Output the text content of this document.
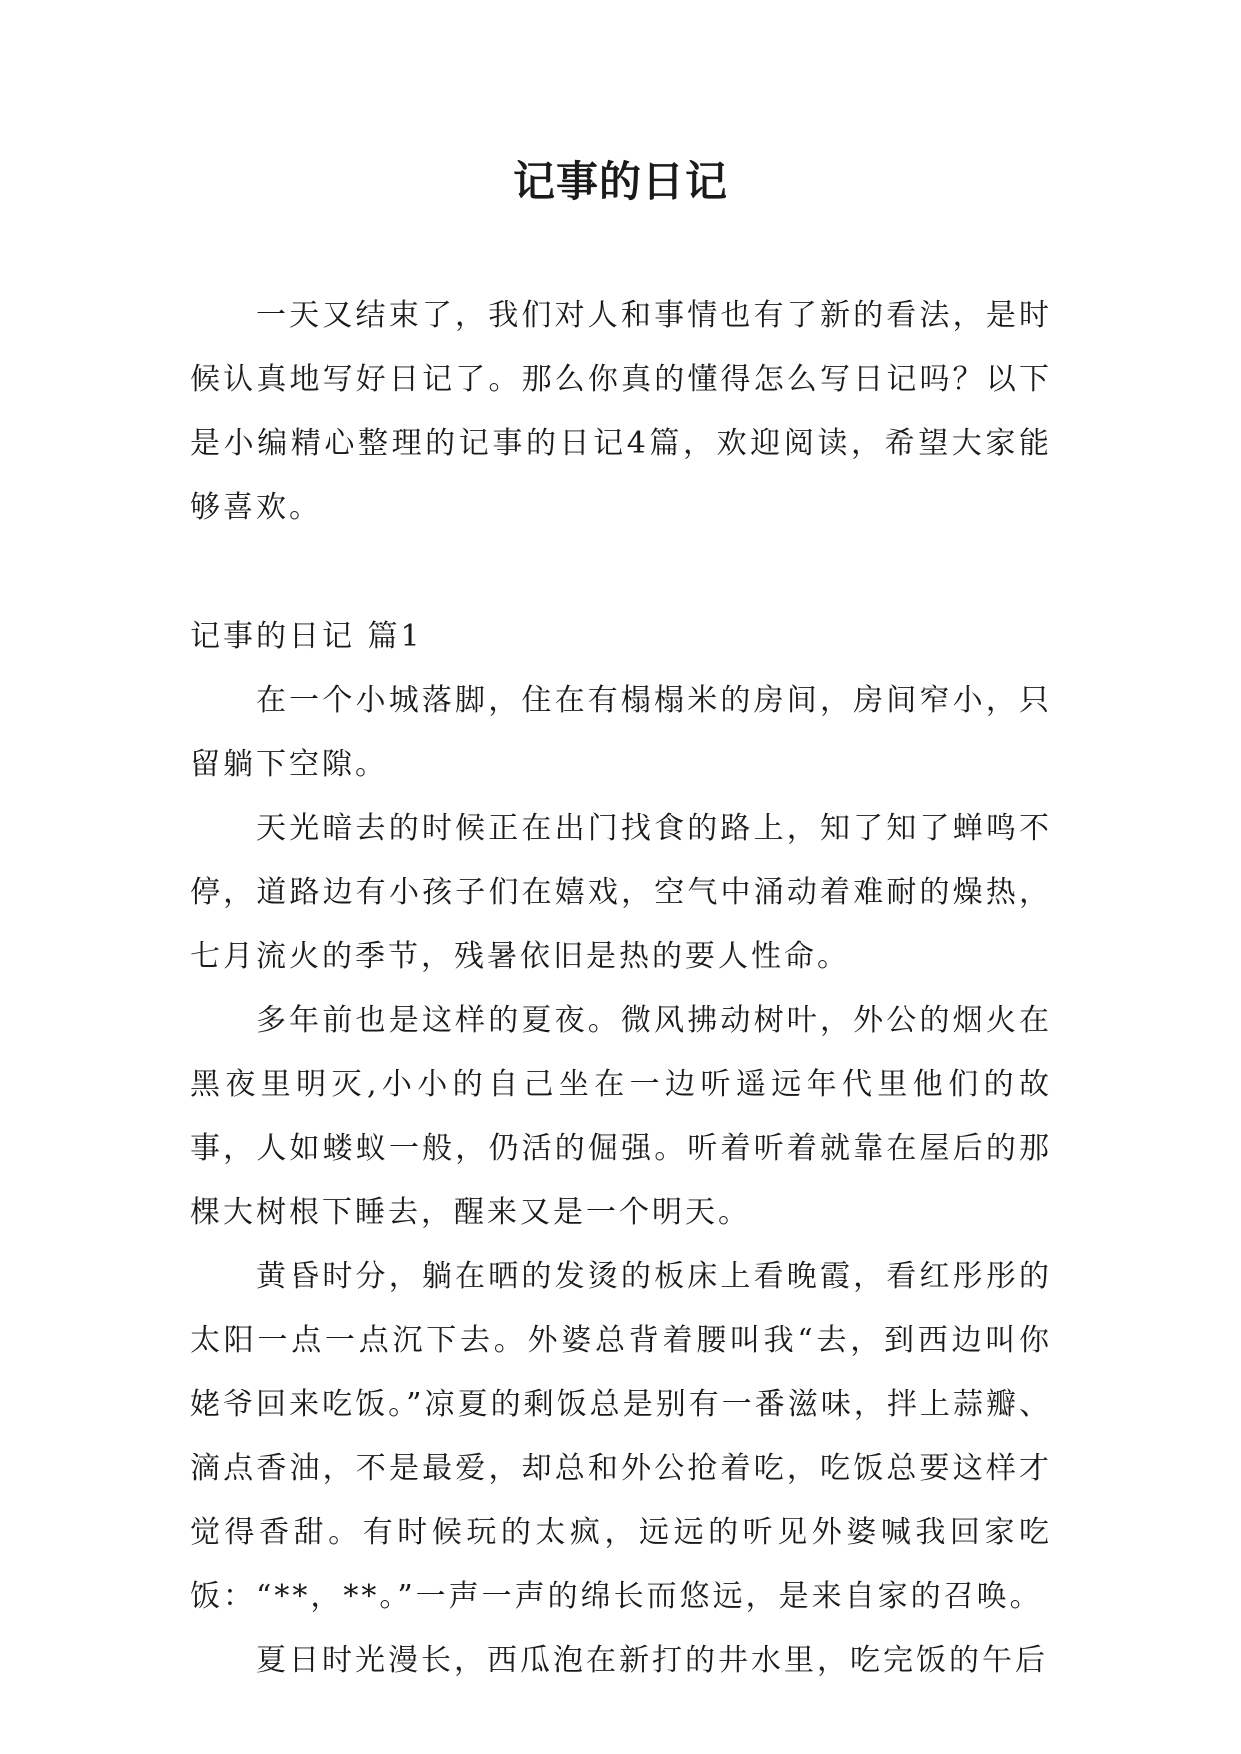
记事的日记

一天又结束了，我们对人和事情也有了新的看法，是时候认真地写好日记了。那么你真的懂得怎么写日记吗？以下是小编精心整理的记事的日记4篇，欢迎阅读，希望大家能够喜欢。

记事的日记 篇1

在一个小城落脚，住在有榻榻米的房间，房间窄小，只留躺下空隙。

天光暗去的时候正在出门找食的路上，知了知了蝉鸣不停，道路边有小孩子们在嬉戏，空气中涌动着难耐的燥热，七月流火的季节，残暑依旧是热的要人性命。

多年前也是这样的夏夜。微风拂动树叶，外公的烟火在黑夜里明灭,小小的自己坐在一边听遥远年代里他们的故事，人如蝼蚁一般，仍活的倔强。听着听着就靠在屋后的那棵大树根下睡去，醒来又是一个明天。

黄昏时分，躺在晒的发烫的板床上看晚霞，看红彤彤的太阳一点一点沉下去。外婆总背着腰叫我“去，到西边叫你姥爷回来吃饭。”凉夏的剩饭总是别有一番滋味，拌上蒜瓣、滴点香油，不是最爱，却总和外公抢着吃，吃饭总要这样才觉得香甜。有时候玩的太疯，远远的听见外婆喊我回家吃饭：“**，**。”一声一声的绵长而悠远，是来自家的召唤。

夏日时光漫长，西瓜泡在新打的井水里，吃完饭的午后
